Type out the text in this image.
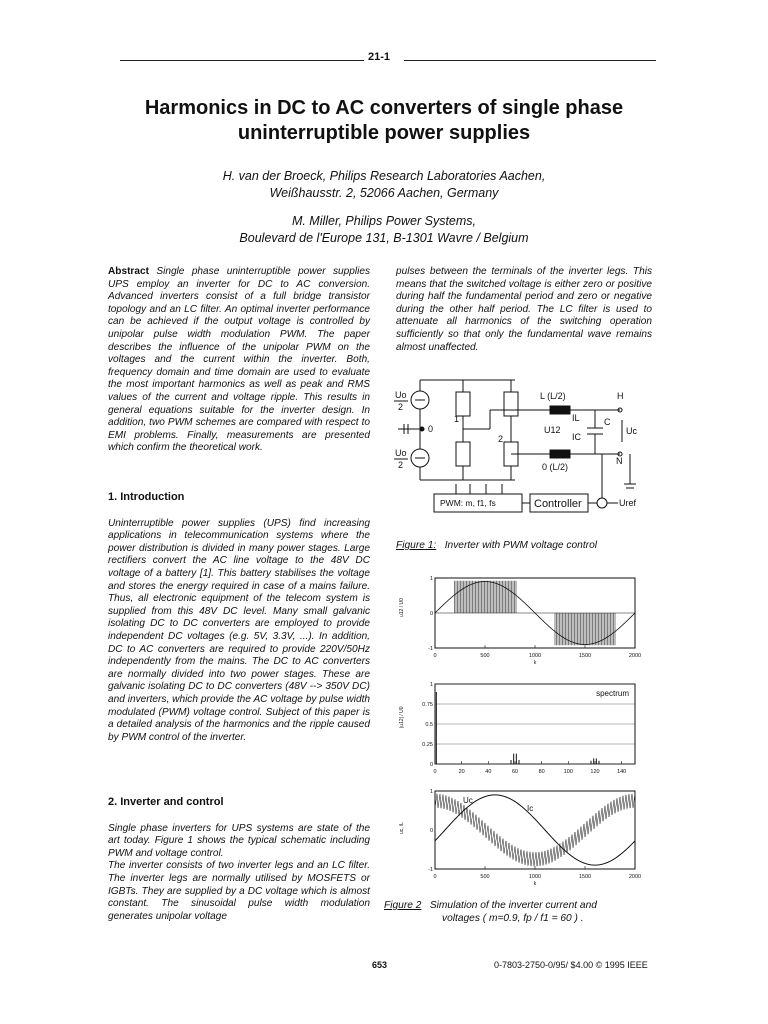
21-1
Harmonics in DC to AC converters of single phase
uninterruptible power supplies
H. van der Broeck, Philips Research Laboratories Aachen,
Weißhausstr. 2, 52066 Aachen, Germany
M. Miller, Philips Power Systems,
Boulevard de l'Europe 131, B-1301 Wavre / Belgium

Abstract Single phase uninterruptible power supplies UPS employ an inverter for DC to AC conversion. Advanced inverters consist of a full bridge transistor topology and an LC filter. An optimal inverter performance can be achieved if the output voltage is controlled by unipolar pulse width modulation PWM. The paper describes the influence of the unipolar PWM on the voltages and the current within the inverter. Both, frequency domain and time domain are used to evaluate the most important harmonics as well as peak and RMS values of the current and voltage ripple. This results in general equations suitable for the inverter design. In addition, two PWM schemes are compared with respect to EMI problems. Finally, measurements are presented which confirm the theoretical work.

1. Introduction

Uninterruptible power supplies (UPS) find increasing applications in telecommunication systems where the power distribution is divided in many power stages. Large rectifiers convert the AC line voltage to the 48V DC voltage of a battery [1]. This battery stabilises the voltage and stores the energy required in case of a mains failure. Thus, all electronic equipment of the telecom system is supplied from this 48V DC level. Many small galvanic isolating DC to DC converters are employed to provide independent DC voltages (e.g. 5V, 3.3V, ...). In addition, DC to AC converters are required to provide 220V/50Hz independently from the mains. The DC to AC converters are normally divided into two power stages. These are galvanic isolating DC to DC converters (48V --> 350V DC) and inverters, which provide the AC voltage by pulse width modulated (PWM) voltage control. Subject of this paper is a detailed analysis of the harmonics and the ripple caused by PWM control of the inverter.

2. Inverter and control

Single phase inverters for UPS systems are state of the art today. Figure 1 shows the typical schematic including PWM and voltage control.

The inverter consists of two inverter legs and an LC filter. The inverter legs are normally utilised by MOSFETS or IGBTs. They are supplied by a DC voltage which is almost constant. The sinusoidal pulse width modulation generates unipolar voltage

pulses between the terminals of the inverter legs. This means that the switched voltage is either zero or positive during half the fundamental period and zero or negative during the other half period. The LC filter is used to attenuate all harmonics of the switching operation sufficiently so that only the fundamental wave remains almost unaffected.

Uo
2
Uo
2
0
1
2
L (L/2)
0 (L/2)
U12
IL	C
IC
H
N
Uc
PWM: m, f1, fs	Controller	Uref
Figure 1: Inverter with PWM voltage control
0	500	1000	1500	2000
1
0
-1
k
u12 / U0
0	20	40	60	80	100	120	140
1
0.75
0.5
0.25
0
|u12| / U0
spectrum
0	500	1000	1500	2000
1
0
-1
k
uc, iL
Uc
Ic
Figure 2 Simulation of the inverter current and
voltages ( m=0.9, fp / f1 = 60 ) .
653	0-7803-2750-0/95/ $4.00 © 1995 IEEE
